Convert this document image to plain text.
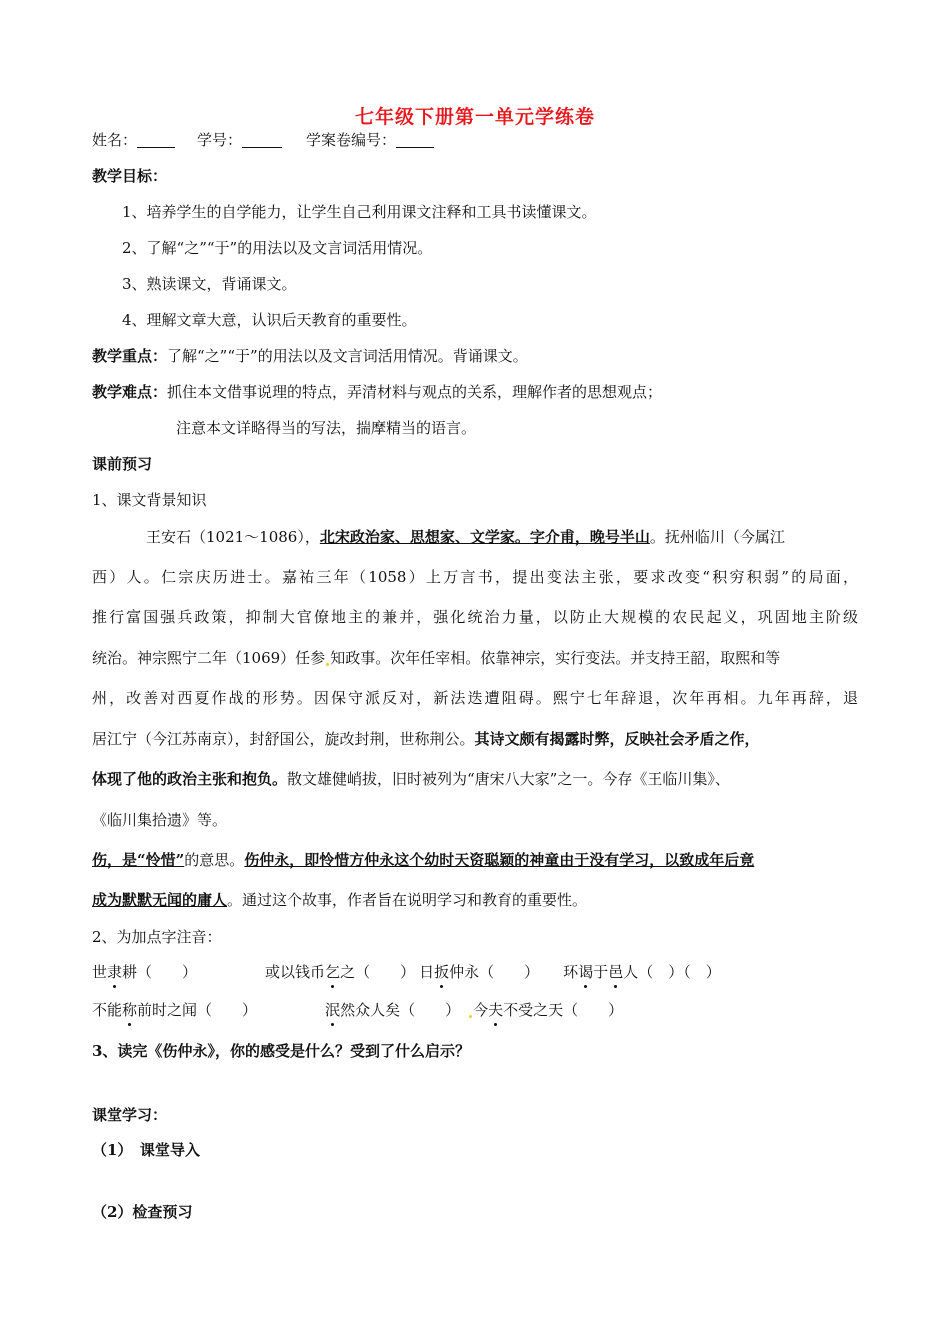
七年级下册第一单元学练卷
姓名：	学号：	学案卷编号：
教学目标：
1、培养学生的自学能力，让学生自己利用课文注释和工具书读懂课文。
2、了解“之”“于”的用法以及文言词活用情况。
3、熟读课文，背诵课文。
4、理解文章大意，认识后天教育的重要性。
教学重点：了解“之”“于”的用法以及文言词活用情况。背诵课文。
教学难点：抓住本文借事说理的特点，弄清材料与观点的关系，理解作者的思想观点；
注意本文详略得当的写法，揣摩精当的语言。
课前预习
1、课文背景知识
王安石（1021～1086），北宋政治家、思想家、文学家。字介甫，晚号半山。抚州临川（今属江
西）人。仁宗庆历进士。嘉祐三年（1058）上万言书，提出变法主张，要求改变“积穷积弱”的局面，
推行富国强兵政策，抑制大官僚地主的兼并，强化统治力量，以防止大规模的农民起义，巩固地主阶级
统治。神宗熙宁二年（1069）任参 知政事。次年任宰相。依靠神宗，实行变法。并支持王韶，取熙和等
州，改善对西夏作战的形势。因保守派反对，新法迭遭阻碍。熙宁七年辞退，次年再相。九年再辞，退
居江宁（今江苏南京），封舒国公，旋改封荆，世称荆公。其诗文颇有揭露时弊，反映社会矛盾之作，
体现了他的政治主张和抱负。散文雄健峭拔，旧时被列为“唐宋八大家”之一。今存《王临川集》、
《临川集拾遗》等。
伤，是“怜惜”的意思。伤仲永，即怜惜方仲永这个幼时天资聪颖的神童由于没有学习，以致成年后竟
成为默默无闻的庸人。通过这个故事，作者旨在说明学习和教育的重要性。
2、为加点字注音：
世隶耕（　　）	或以钱币乞之（　　） 日扳仲永（　　） 环谒于邑人（　）（　）
不能称前时之闻（　　）	泯然众人矣（　　） 今夫不受之天（　　）
3、读完《伤仲永》，你的感受是什么？受到了什么启示？
课堂学习：
（1）　课堂导入
（2）检查预习
